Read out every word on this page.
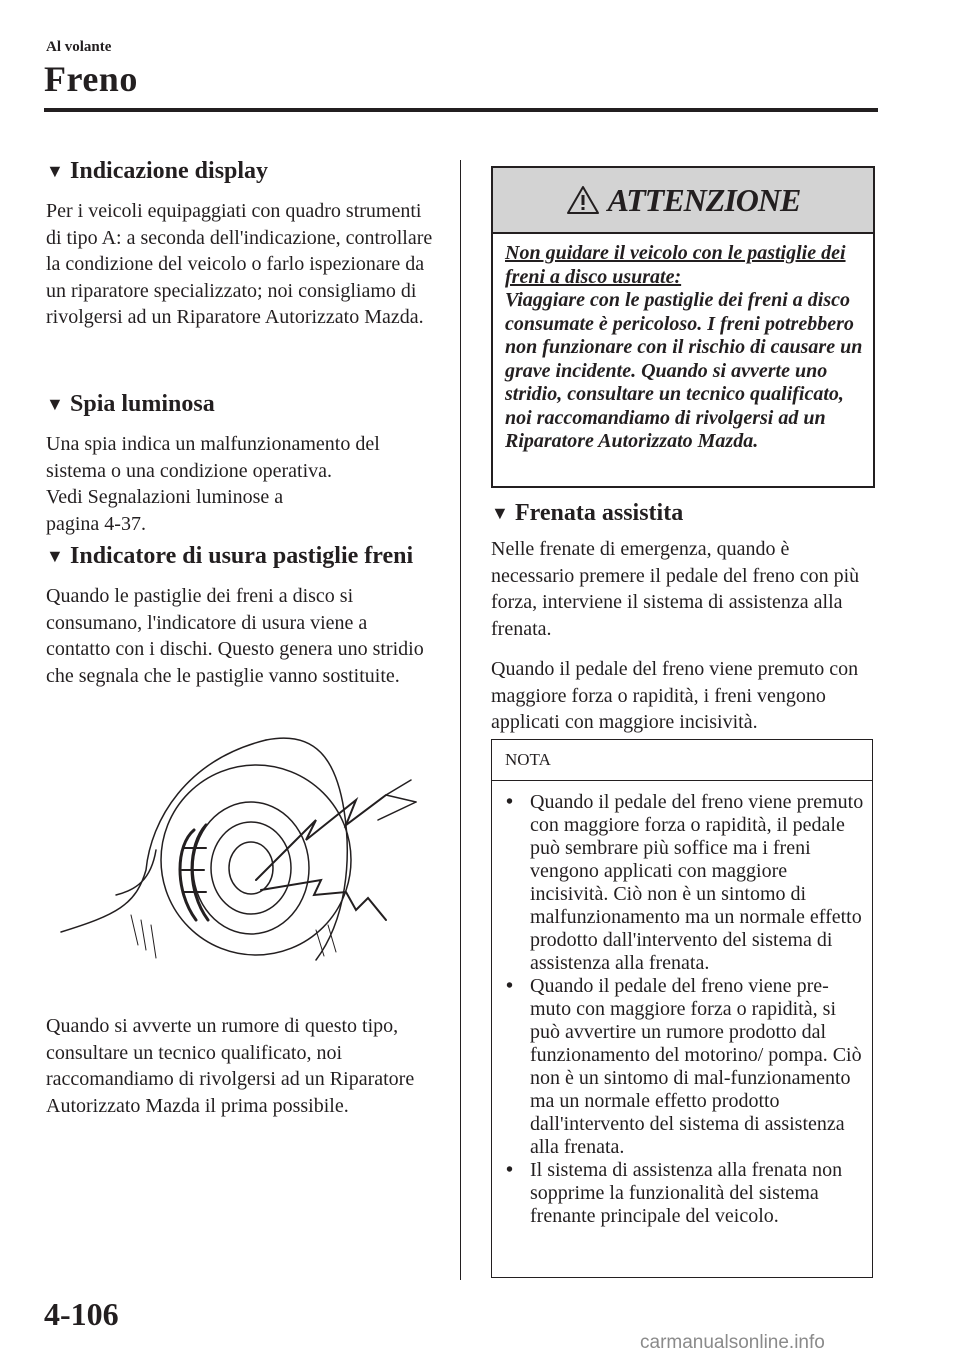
Al volante
Freno
▼ Indicazione display

Per i veicoli equipaggiati con quadro strumenti di tipo A: a seconda dell'indicazione, controllare la condizione del veicolo o farlo ispezionare da un riparatore specializzato; noi consigliamo di rivolgersi ad un Riparatore Autorizzato Mazda.

▼ Spia luminosa

Una spia indica un malfunzionamento del sistema o una condizione operativa.

Vedi Segnalazioni luminose a pagina 4-37.

▼ Indicatore di usura pastiglie freni

Quando le pastiglie dei freni a disco si consumano, l'indicatore di usura viene a contatto con i dischi. Questo genera uno stridio che segnala che le pastiglie vanno sostituite.

Quando si avverte un rumore di questo tipo, consultare un tecnico qualificato, noi raccomandiamo di rivolgersi ad un Riparatore Autorizzato Mazda il prima possibile.

ATTENZIONE
Non guidare il veicolo con le pastiglie dei freni a disco usurate:
Viaggiare con le pastiglie dei freni a disco consumate è pericoloso. I freni potrebbero non funzionare con il rischio di causare un grave incidente. Quando si avverte uno stridio, consultare un tecnico qualificato, noi raccomandiamo di rivolgersi ad un Riparatore Autorizzato Mazda.
▼ Frenata assistita

Nelle frenate di emergenza, quando è necessario premere il pedale del freno con più forza, interviene il sistema di assistenza alla frenata.

Quando il pedale del freno viene premuto con maggiore forza o rapidità, i freni vengono applicati con maggiore incisività.

NOTA
• Quando il pedale del freno viene premuto con maggiore forza o rapidità, il pedale può sembrare più soffice ma i freni vengono applicati con maggiore incisività. Ciò non è un sintomo di malfunzionamento ma un normale effetto prodotto dall'intervento del sistema di assistenza alla frenata.
• Quando il pedale del freno viene pre-muto con maggiore forza o rapidità, si può avvertire un rumore prodotto dal funzionamento del motorino/ pompa. Ciò non è un sintomo di mal-funzionamento ma un normale effetto prodotto dall'intervento del sistema di assistenza alla frenata.
• Il sistema di assistenza alla frenata non sopprime la funzionalità del sistema frenante principale del veicolo.
4-106
carmanualsonline.info
